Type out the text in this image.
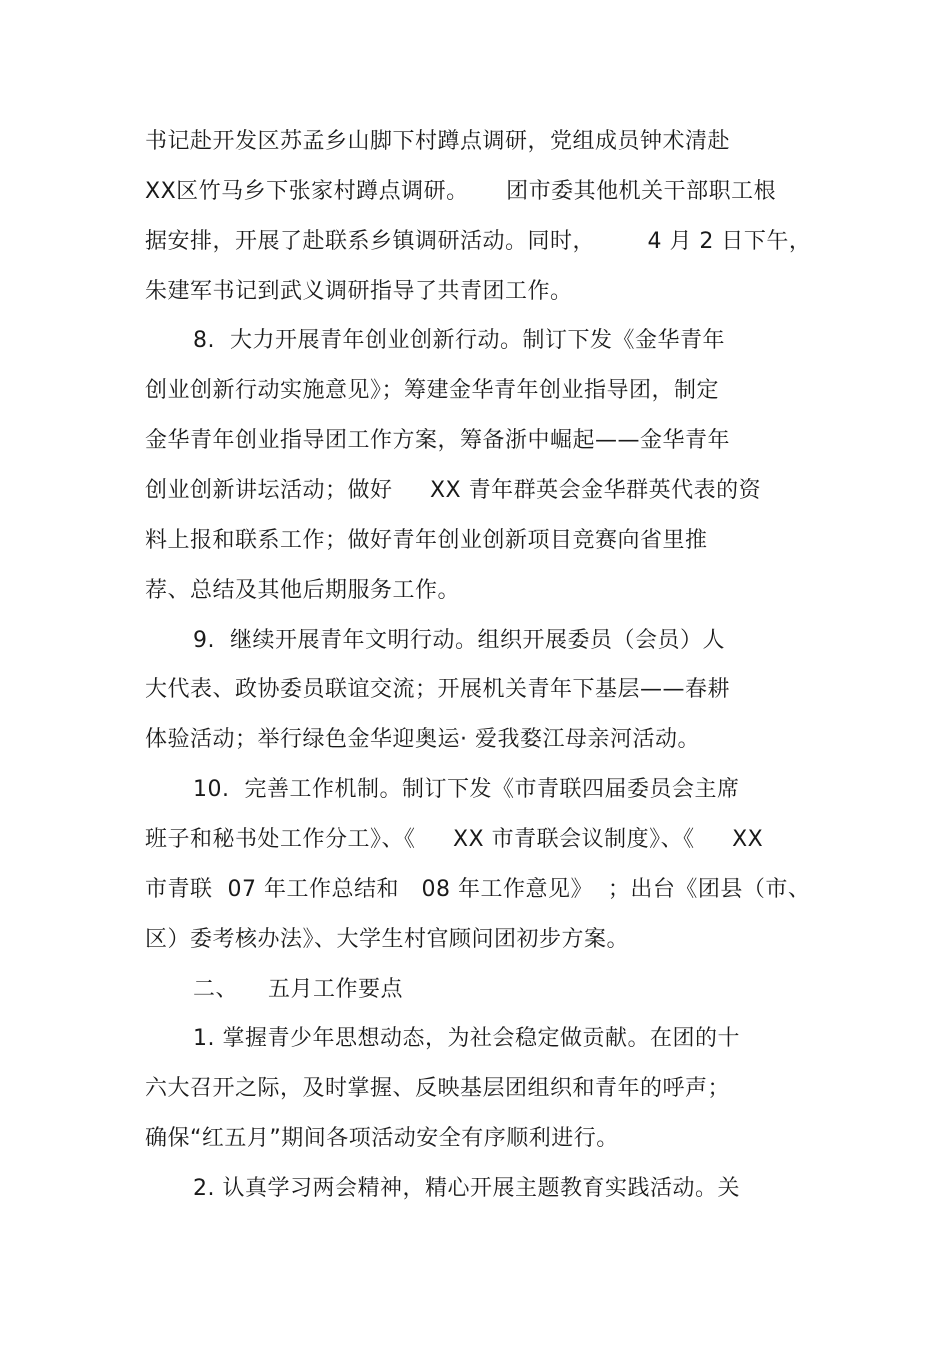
书记赴开发区苏孟乡山脚下村蹲点调研，党组成员钟术清赴
XX区竹马乡下张家村蹲点调研。     团市委其他机关干部职工根
据安排，开展了赴联系乡镇调研活动。同时，       4 月 2 日下午，
朱建军书记到武义调研指导了共青团工作。
8.  大力开展青年创业创新行动。制订下发《金华青年
创业创新行动实施意见》；筹建金华青年创业指导团，制定
金华青年创业指导团工作方案，筹备浙中崛起——金华青年
创业创新讲坛活动；做好     XX 青年群英会金华群英代表的资
料上报和联系工作；做好青年创业创新项目竞赛向省里推
荐、总结及其他后期服务工作。
9.  继续开展青年文明行动。组织开展委员（会员）人
大代表、政协委员联谊交流；开展机关青年下基层——春耕
体验活动；举行绿色金华迎奥运· 爱我婺江母亲河活动。
10.  完善工作机制。制订下发《市青联四届委员会主席
班子和秘书处工作分工》、《     XX 市青联会议制度》、《     XX
市青联  07 年工作总结和   08 年工作意见》  ；出台《团县（市、
区）委考核办法》、大学生村官顾问团初步方案。
二、    五月工作要点
1. 掌握青少年思想动态，为社会稳定做贡献。在团的十
六大召开之际，及时掌握、反映基层团组织和青年的呼声；
确保“红五月”期间各项活动安全有序顺利进行。
2. 认真学习两会精神，精心开展主题教育实践活动。关
